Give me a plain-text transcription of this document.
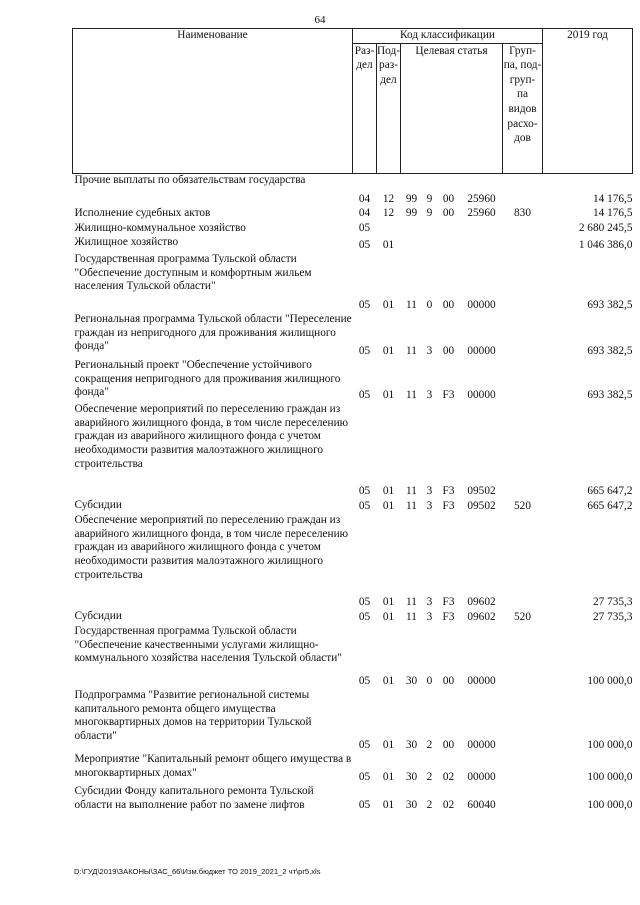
64
Наименование	Код классификации							2019 год
	Раз- дел	Под- раз- дел	Целевая статья				Груп- па, под- груп- па видов расхо- дов	
Прочие выплаты по обязательствам государства	04	12	99	9	00	25960		14 176,5
Исполнение судебных актов	04	12	99	9	00	25960	830	14 176,5
Жилищно-коммунальное хозяйство	05							2 680 245,5
Жилищное хозяйство	05	01						1 046 386,0
Государственная программа Тульской области "Обеспечение доступным и комфортным жильем населения Тульской области"	05	01	11	0	00	00000		693 382,5
Региональная программа Тульской области "Переселение граждан из непригодного для проживания жилищного фонда"	05	01	11	3	00	00000		693 382,5
Региональный проект "Обеспечение устойчивого сокращения непригодного для проживания жилищного фонда"	05	01	11	3	F3	00000		693 382,5
Обеспечение мероприятий по переселению граждан из аварийного жилищного фонда, в том числе переселению граждан из аварийного жилищного фонда с учетом необходимости развития малоэтажного жилищного строительства	05	01	11	3	F3	09502		665 647,2
Субсидии	05	01	11	3	F3	09502	520	665 647,2
Обеспечение мероприятий по переселению граждан из аварийного жилищного фонда, в том числе переселению граждан из аварийного жилищного фонда с учетом необходимости развития малоэтажного жилищного строительства	05	01	11	3	F3	09602		27 735,3
Субсидии	05	01	11	3	F3	09602	520	27 735,3
Государственная программа Тульской области "Обеспечение качественными услугами жилищно-коммунального хозяйства населения Тульской области"	05	01	30	0	00	00000		100 000,0
Подпрограмма "Развитие региональной системы капитального ремонта общего имущества многоквартирных домов на территории Тульской области"	05	01	30	2	00	00000		100 000,0
Мероприятие "Капитальный ремонт общего имущества в многоквартирных домах"	05	01	30	2	02	00000		100 000,0
Субсидии Фонду капитального ремонта Тульской области на выполнение работ по замене лифтов	05	01	30	2	02	60040		100 000,0
D:\ГУД\2019\ЗАКОНЫ\ЗАС_66\Изм.бюджет ТО 2019_2021_2 чт\pr5.xls
